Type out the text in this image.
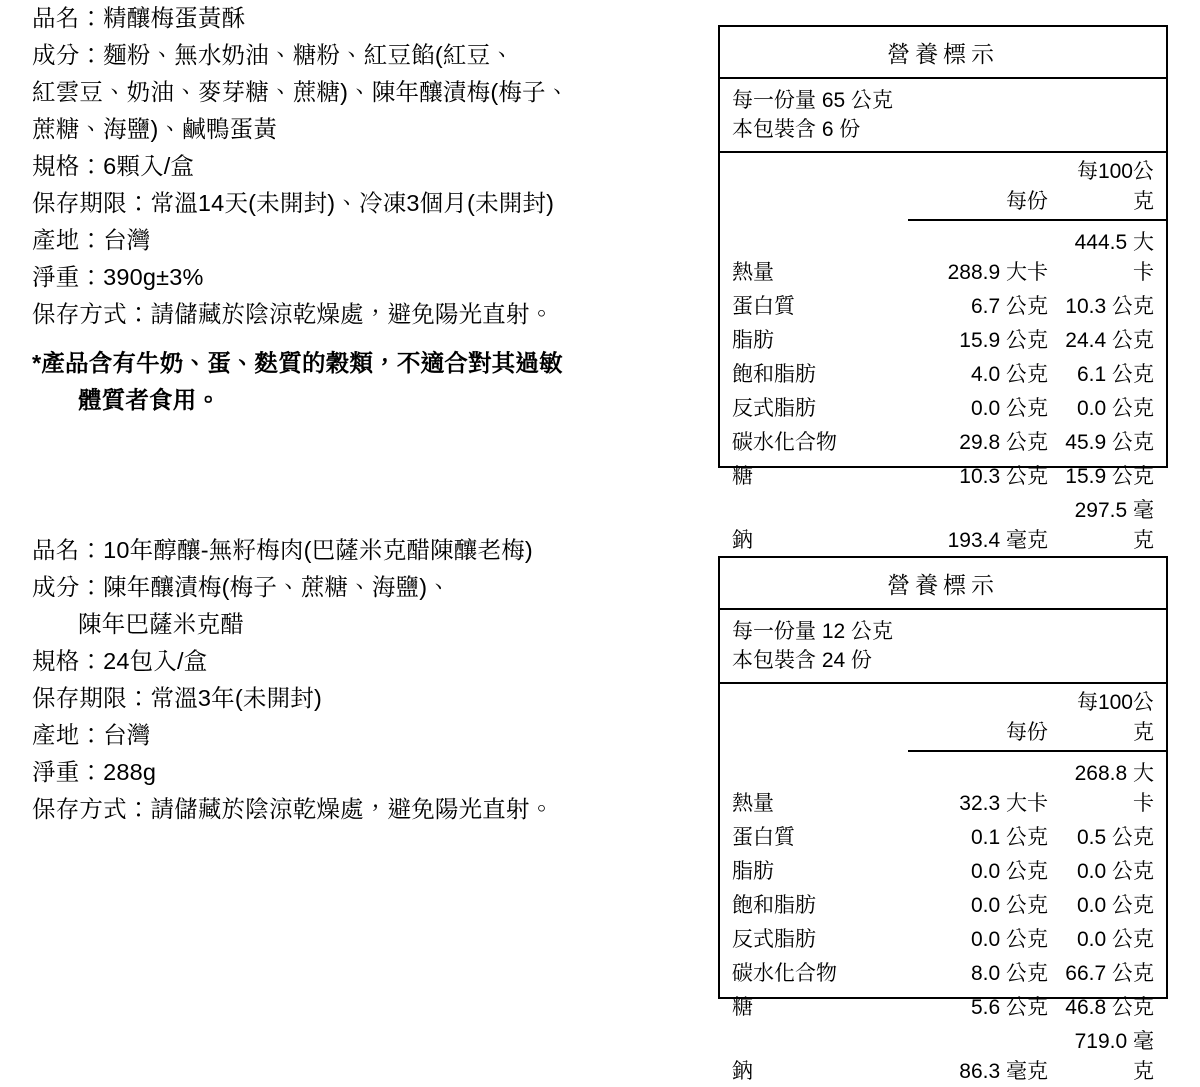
品名：精釀梅蛋黃酥
成分：麵粉、無水奶油、糖粉、紅豆餡(紅豆、
紅雲豆、奶油、麥芽糖、蔗糖)、陳年釀漬梅(梅子、
蔗糖、海鹽)、鹹鴨蛋黃
規格：6顆入/盒
保存期限：常溫14天(未開封)、冷凍3個月(未開封)
產地：台灣
淨重：390g±3%
保存方式：請儲藏於陰涼乾燥處，避免陽光直射。
*產品含有牛奶、蛋、麩質的穀類，不適合對其過敏
體質者食用。
營養標示
每一份量 65 公克
本包裝含 6 份
	每份	每100公克
熱量	288.9 大卡	444.5 大卡
蛋白質	6.7 公克	10.3 公克
脂肪	15.9 公克	24.4 公克
飽和脂肪	4.0 公克	6.1 公克
反式脂肪	0.0 公克	0.0 公克
碳水化合物	29.8 公克	45.9 公克
糖	10.3 公克	15.9 公克
鈉	193.4 毫克	297.5 毫克
品名：10年醇釀-無籽梅肉(巴薩米克醋陳釀老梅)
成分：陳年釀漬梅(梅子、蔗糖、海鹽)、
陳年巴薩米克醋
規格：24包入/盒
保存期限：常溫3年(未開封)
產地：台灣
淨重：288g
保存方式：請儲藏於陰涼乾燥處，避免陽光直射。
營養標示
每一份量 12 公克
本包裝含 24 份
	每份	每100公克
熱量	32.3 大卡	268.8 大卡
蛋白質	0.1 公克	0.5 公克
脂肪	0.0 公克	0.0 公克
飽和脂肪	0.0 公克	0.0 公克
反式脂肪	0.0 公克	0.0 公克
碳水化合物	8.0 公克	66.7 公克
糖	5.6 公克	46.8 公克
鈉	86.3 毫克	719.0 毫克
